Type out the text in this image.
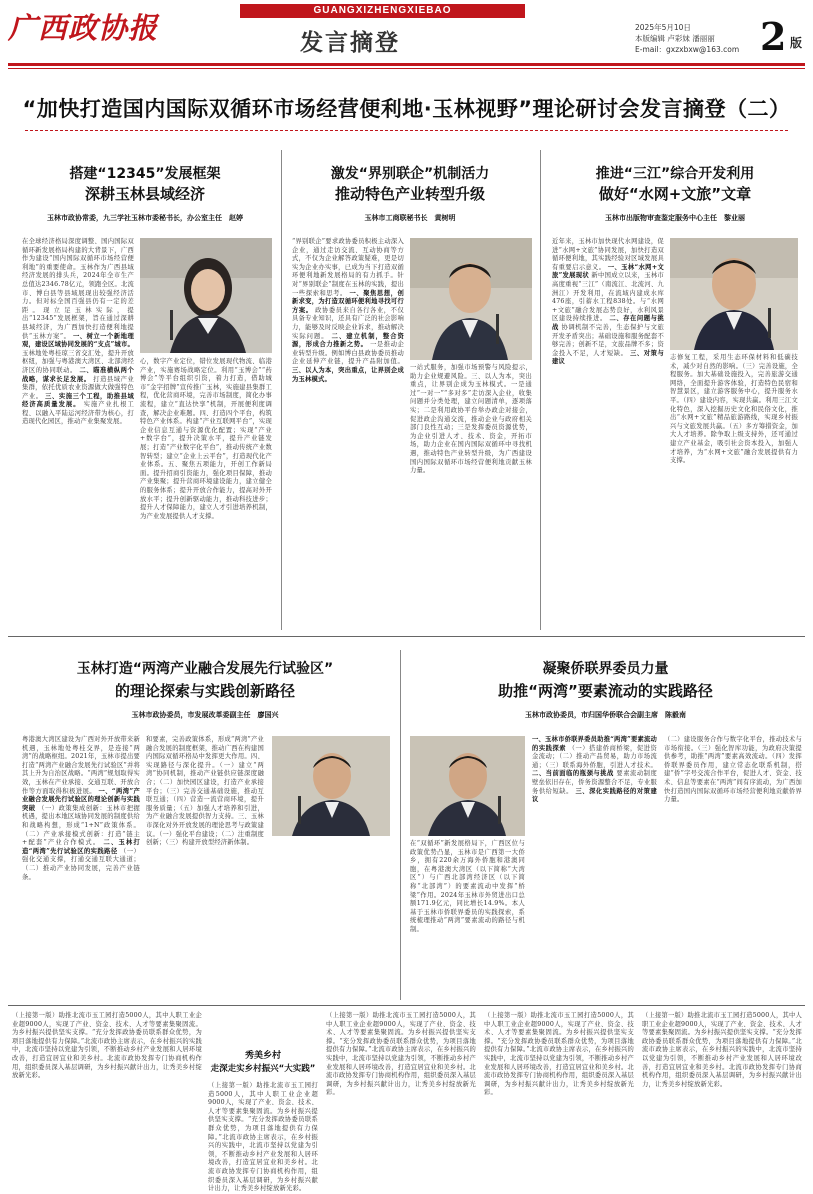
广西政协报
GUANGXIZHENGXIEBAO
发言摘登
2025年5月10日
本版编辑 卢彩妹 潘丽丽
E-mail：gxzxbxw@163.com 2 版
“加快打造国内国际双循环市场经营便利地·玉林视野”理论研讨会发言摘登（二）
搭建“12345”发展框架
深耕玉林县域经济
玉林市政协常委，九三学社玉林市委秘书长，办公室主任　赵婷
在全球经济格局深度调整、国内国际双循环新发展格局构建的大背景下，广西作为建设“国内国际双循环市场经营便利地”的重要使命。玉林作为广西县域经济发展的排头兵，2024年全市生产总值达2346.78亿元，领跑全区。北流市、博白县等县域展现出较强经济活力。但对标全国百强县仍有一定的差距。现立足玉林实际，提出“12345”发展框架，旨在通过深耕县域经济，为广西加快打造便利地提供“玉林方案”。 一、树立一个新地理观，建设区域协同发展的“支点”城市。 玉林地处粤桂琼三省交汇处，提升开放枢纽，加强与粤港澳大湾区、北部湾经济区的协同联动。 二、瞄准横纵两个战略，谋求长足发展。 打造县域产业集群，依托优质农业资源做大做强特色产业。 三、实施三个工程，助推县域经济高质量发展。 实施产业扎根工程、以融入平陆运河经济带为核心，打造现代化园区，推动产业集聚发展。
心，数字产业定位，错位发展现代物流、临港产业，实施赛场战略定位。利用“玉博会”“药博会”等平台组织引资，着力打造，借助城市“金字招牌”宣传推广玉林，实施建县集群工程，优化营商环境，完善市场制度，简化办事流程，建立“直达快享”机制，开展便利度调查，解决企业难题。四、打造四个平台，构筑特色产业体系。构建“产业互联网平台”，实现企业信息互通与资源优化配置；实现“产业+数字台”，提升决策水平，提升产业链发展；打造“产业数字化平台”，推动传统产业数智转型；建立“企业上云平台”，打造现代化产业体系。五、聚焦五项能力，开创工作新局面。提升招商引资能力，强化项目保障，推动产业集聚；提升营商环境建设能力，建立健全的服务体系；提升开放合作能力，提高对外开放水平；提升创新驱动能力，推动科技进步；提升人才保障能力，建立人才引进培养机制，为产业发展提供人才支撑。
激发“界别联企”机制活力
推动特色产业转型升级
玉林市工商联秘书长　黄树明
“界别联企”要求政协委员积极主动深入企业，通过走访交流、互动协商等方式，不仅为企业解答政策疑难，更是切实为企业办实事，已成为当下打造双循环便利地新发展格局的有力抓手。针对“界别联企”制度在玉林的实践，提出一些探索和思考。 一、聚焦思想，创新求变，为打造双循环便利地寻找可行方案。 政协委员来自各行各业，不仅具备专业知识，还具有广泛的社会影响力，能够及时反映企业诉求，推动解决实际问题。 二、建立机制，整合资源，形成合力推新之势。 一是推动企业转型升级。例如博白县政协委员推动企业延伸产业链，提升产品附加值。 三、以人为本，突出重点，让界别企成为玉林模式。
一站式服务，加强市场预警与风险提示，助力企业规避风险。三、以人为本，突出重点，让界别企成为玉林模式。一是通过“一对一”“多对多”走访深入企业，收集问题并分类处理，建立问题清单，逐项落实；二是利用政协平台举办政企对接会，促进政企沟通交流，推动企业与政府相关部门良性互动；三是发挥委员资源优势，为企业引进人才、技术、资金，开拓市场，助力企业在国内国际双循环中寻找机遇，推动特色产业转型升级，为广西建设国内国际双循环市场经营便利地贡献玉林力量。
推进“三江”综合开发利用
做好“水网+文旅”文章
玉林市出版物审查鉴定服务中心主任　黎业丽
近年来，玉林市加快现代水网建设，促进“水网+文旅”协同发展，加快打造双循环便利地，其实践经验对区域发展具有重要启示意义。 一、玉林“水网+文旅”发展现状 新中国成立以来，玉林市高度重视“三江”（南流江、北流河、九洲江）开发利用，在流域内建成水库476座，引蓄水工程838处。与“水网+文旅”融合发展态势良好，水利风景区建设持续推进。 二、存在问题与挑战 协调机制不完善，生态保护与文旅开发矛盾突出；基础设施和服务配套不够完善；创新不足，文旅品牌不多；资金投入不足，人才短缺。 三、对策与建议
志修复工程，采用生态环保材料和低碳技术，减少对自然的影响。（三）完善设施，全程服务。加大基础设施投入，完善旅游交通网络，全面提升游客体验，打造特色民宿和智慧景区，建立游客服务中心，提升服务水平。（四）建设内容，实现共赢。利用三江文化特色，深入挖掘历史文化和民俗文化，推出“水网+文旅”精品旅游路线，实现乡村振兴与文旅发展共赢。（五）多方筹措资金，加大人才培养。除争取上级支持外，还可通过建立产业基金，吸引社会资本投入，加强人才培养，为“水网+文旅”融合发展提供有力支撑。
玉林打造“两湾产业融合发展先行试验区”
的理论探索与实践创新路径
玉林市政协委员，市发展改革委副主任　廖国兴
粤港澳大湾区建设为广西对外开放带来新机遇，玉林地处粤桂交界，是连接“两湾”的战略枢纽。2021年，玉林市提出要打造“两湾产业融合发展先行试验区”并将其上升为自治区战略。“两湾”规划取得实效，玉林在产业承接、交通互联、开放合作等方面取得积极进展。 一、“两湾”产业融合发展先行试验区的理论创新与实践突破 （一）政策集成创新：玉林市把握机遇，提出本地区域协同发展的制度供给和战略构想，形成“1+N”政策体系。（二）产业承接模式创新：打造“链主+配套”产业合作模式。 二、玉林打造“两湾”先行试验区的实践路径 （一）强化交通支撑，打通交通互联大通道；（二）推动产业协同发展，完善产业链条。
和要素，完善政策体系，形成“两湾”产业融合发展的制度框架，推动广西在构建国内国际双循环格局中发挥更大作用。四、实现路径与深化提升。（一）建立“两湾”协同机制，推动产业链供应链深度融合；（二）加快园区建设，打造产业承接平台；（三）完善交通基础设施，推动互联互通；（四）营造一流营商环境，提升服务质量；（五）加强人才培养和引进，为产业融合发展提供智力支持。三、玉林市深化对外开放发展的理论思考与政策建议。（一）强化平台建设；（二）注重制度创新；（三）构建开放型经济新体制。
凝聚侨联界委员力量
助推“两湾”要素流动的实践路径
玉林市政协委员，市归国华侨联合会副主席　陈毅南
在“双循环”新发展格局下，广西区位与政策优势凸显，玉林市是广西第一大侨乡，拥有220余万海外侨胞和港澳同胞，在粤港澳大湾区（以下简称“大湾区”）与广西北部湾经济区（以下简称“北部湾”）的要素流动中发挥“桥梁”作用。2024年玉林市外贸进出口总额171.9亿元，同比增长14.9%。本人基于玉林市侨联界委员的实践探索，系统梳理推动“两湾”要素流动的路径与机制。
一、玉林市侨联界委员助推“两湾”要素流动的实践探索 （一）搭建侨商桥梁，促进资金流动；（二）推动产品贸易，助力市场流通；（三）联系海外侨胞，引进人才技术。 二、当前面临的瓶颈与挑战 要素流动制度壁垒依旧存在，侨务资源整合不足，专业服务供给短缺。 三、深化实践路径的对策建议
（二）建设服务合作与数字化平台，推动技术与市场衔接。（三）强化智库功能，为政府决策提供参考，助推“两湾”要素高效流动。（四）发挥侨联界委员作用，建立常态化联系机制，搭建“侨”字号交流合作平台，促进人才、资金、技术、信息等要素在“两湾”间有序流动，为广西加快打造国内国际双循环市场经营便利地贡献侨界力量。
（上接第一版）助推北流市玉工园打造5000人，其中人职工业企业超9000人，实现了产业、资金、技术、人才等要素集聚固流。为乡村振兴提供坚实支撑。“充分发挥政协委员联系群众优势，为项目落地提供有力保障。”北流市政协主席表示，在乡村振兴的实践中，北流市坚持以党建为引领，不断推动乡村产业发展和人居环境改善，打造宜居宜业和美乡村。北流市政协发挥专门协商机构作用，组织委员深入基层调研，为乡村振兴献计出力，让秀美乡村绽放新光彩。
秀美乡村
走深走实乡村振兴“大实践”
（上接第一版）助推北流市玉工园打造5000人，其中人职工业企业超9000人，实现了产业、资金、技术、人才等要素集聚固流。为乡村振兴提供坚实支撑。“充分发挥政协委员联系群众优势，为项目落地提供有力保障。”北流市政协主席表示，在乡村振兴的实践中，北流市坚持以党建为引领，不断推动乡村产业发展和人居环境改善，打造宜居宜业和美乡村。北流市政协发挥专门协商机构作用，组织委员深入基层调研，为乡村振兴献计出力，让秀美乡村绽放新光彩。
（上接第一版）助推北流市玉工园打造5000人，其中人职工业企业超9000人，实现了产业、资金、技术、人才等要素集聚固流。为乡村振兴提供坚实支撑。“充分发挥政协委员联系群众优势，为项目落地提供有力保障。”北流市政协主席表示，在乡村振兴的实践中，北流市坚持以党建为引领，不断推动乡村产业发展和人居环境改善，打造宜居宜业和美乡村。北流市政协发挥专门协商机构作用，组织委员深入基层调研，为乡村振兴献计出力，让秀美乡村绽放新光彩。
（上接第一版）助推北流市玉工园打造5000人，其中人职工业企业超9000人，实现了产业、资金、技术、人才等要素集聚固流。为乡村振兴提供坚实支撑。“充分发挥政协委员联系群众优势，为项目落地提供有力保障。”北流市政协主席表示，在乡村振兴的实践中，北流市坚持以党建为引领，不断推动乡村产业发展和人居环境改善，打造宜居宜业和美乡村。北流市政协发挥专门协商机构作用，组织委员深入基层调研，为乡村振兴献计出力，让秀美乡村绽放新光彩。
（上接第一版）助推北流市玉工园打造5000人，其中人职工业企业超9000人，实现了产业、资金、技术、人才等要素集聚固流。为乡村振兴提供坚实支撑。“充分发挥政协委员联系群众优势，为项目落地提供有力保障。”北流市政协主席表示，在乡村振兴的实践中，北流市坚持以党建为引领，不断推动乡村产业发展和人居环境改善，打造宜居宜业和美乡村。北流市政协发挥专门协商机构作用，组织委员深入基层调研，为乡村振兴献计出力，让秀美乡村绽放新光彩。
